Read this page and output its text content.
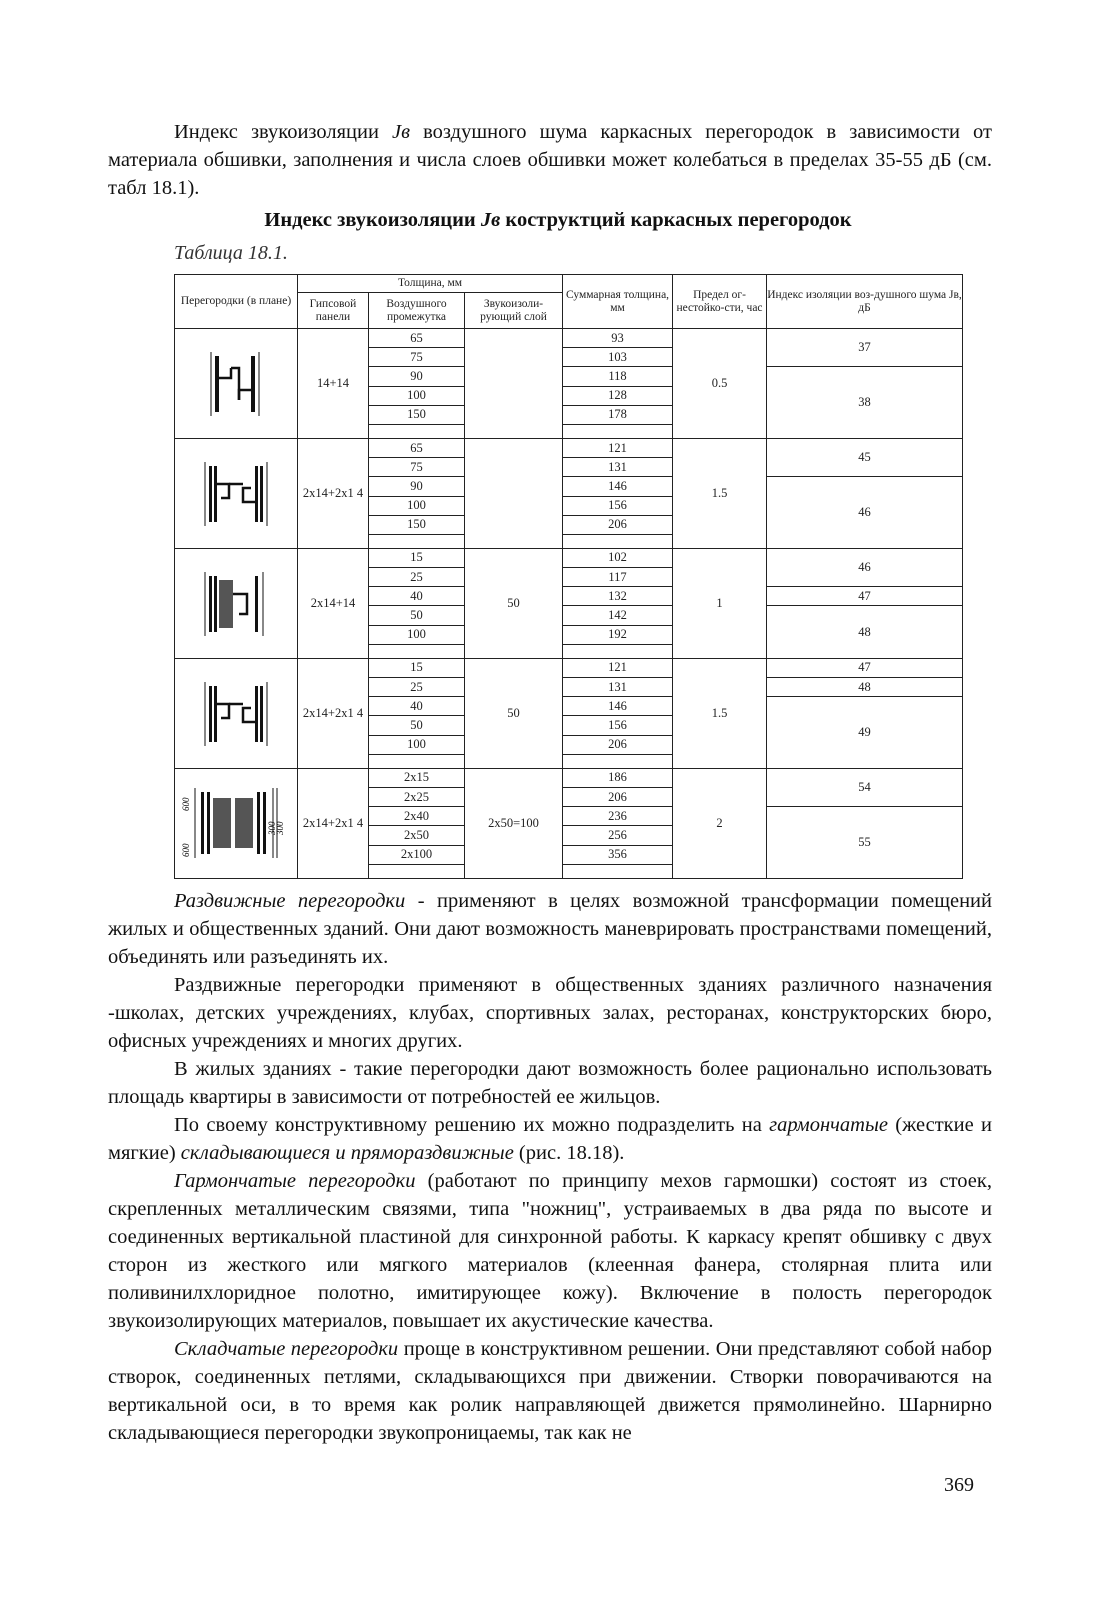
Индекс звукоизоляции Jв воздушного шума каркасных перегородок в зависимости от материала обшивки, заполнения и числа слоев обшивки может колебаться в пределах 35-55 дБ (см. табл 18.1).

Индекс звукоизоляции Jв коструктций каркасных перегородок
Таблица 18.1.
Перегородки (в плане)	Толщина, мм			Суммарная толщина, мм	Предел ог-нестойко-сти, час	Индекс изоляции воз-душного шума Jв, дБ
	Гипсовой панели	Воздушного промежутка	Звукоизоли-рующий слой			

	14+14	65		93	0.5	37
		75		103		
		90		118		38
		100		128		
		150		178		

	2x14+2x1 4	65		121	1.5	45
		75		131		
		90		146		46
		100		156		
		150		206		

	2x14+14	15	50	102	1	46
		25		117		
		40		132		47
		50		142		48
		100		192		

	2x14+2x1 4	15	50	121	1.5	47
		25		131		48
		40		146		49
		50		156		
		100		206		

600
600
300
300	2x14+2x1 4	2x15	2x50=100	186	2	54
		2x25		206		
		2x40		236		55
		2x50		256		
		2x100		356		

Раздвижные перегородки - применяют в целях возможной трансформации помещений жилых и общественных зданий. Они дают возможность маневрировать пространствами помещений, объединять или разъединять их.

Раздвижные перегородки применяют в общественных зданиях различного назначения -школах, детских учреждениях, клубах, спортивных залах, ресторанах, конструкторских бюро, офисных учреждениях и многих других.

В жилых зданиях - такие перегородки дают возможность более рационально использовать площадь квартиры в зависимости от потребностей ее жильцов.

По своему конструктивному решению их можно подразделить на гармончатые (жесткие и мягкие) складывающиеся и прямораздвижные (рис. 18.18).

Гармончатые перегородки (работают по принципу мехов гармошки) состоят из стоек, скрепленных металлическим связями, типа "ножниц", устраиваемых в два ряда по высоте и соединенных вертикальной пластиной для синхронной работы. К каркасу крепят обшивку с двух сторон из жесткого или мягкого материалов (клеенная фанера, столярная плита или поливинилхлоридное полотно, имитирующее кожу). Включение в полость перегородок звукоизолирующих материалов, повышает их акустические качества.

Складчатые перегородки проще в конструктивном решении. Они представляют собой набор створок, соединенных петлями, складывающихся при движении. Створки поворачиваются на вертикальной оси, в то время как ролик направляющей движется прямолинейно. Шарнирно складывающиеся перегородки звукопроницаемы, так как не

369
